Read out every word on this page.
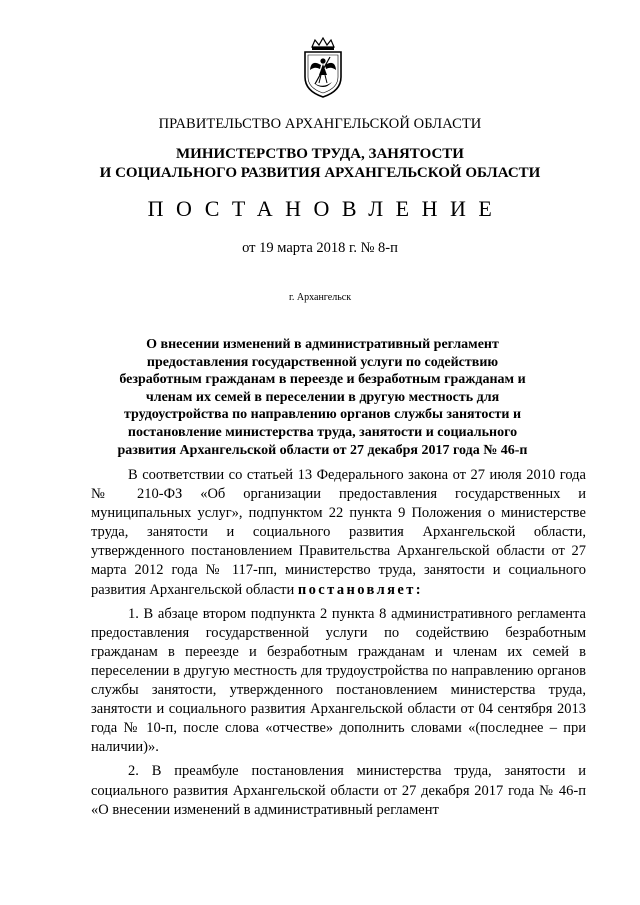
ПРАВИТЕЛЬСТВО АРХАНГЕЛЬСКОЙ ОБЛАСТИ
МИНИСТЕРСТВО ТРУДА, ЗАНЯТОСТИ
И СОЦИАЛЬНОГО РАЗВИТИЯ АРХАНГЕЛЬСКОЙ ОБЛАСТИ
ПОСТАНОВЛЕНИЕ
от 19 марта 2018 г. № 8-п
г. Архангельск
О внесении изменений в административный регламент предоставления государственной услуги по содействию безработным гражданам в переезде и безработным гражданам и членам их семей в переселении в другую местность для трудоустройства по направлению органов службы занятости и постановление министерства труда, занятости и социального развития Архангельской области от 27 декабря 2017 года № 46-п

В соответствии со статьей 13 Федерального закона от 27 июля 2010 года № 210-ФЗ «Об организации предоставления государственных и муниципальных услуг», подпунктом 22 пункта 9 Положения о министерстве труда, занятости и социального развития Архангельской области, утвержденного постановлением Правительства Архангельской области от 27 марта 2012 года № 117-пп, министерство труда, занятости и социального развития Архангельской области постановляет:

1. В абзаце втором подпункта 2 пункта 8 административного регламента предоставления государственной услуги по содействию безработным гражданам в переезде и безработным гражданам и членам их семей в переселении в другую местность для трудоустройства по направлению органов службы занятости, утвержденного постановлением министерства труда, занятости и социального развития Архангельской области от 04 сентября 2013 года № 10-п, после слова «отчестве» дополнить словами «(последнее – при наличии)».

2. В преамбуле постановления министерства труда, занятости и социального развития Архангельской области от 27 декабря 2017 года № 46-п «О внесении изменений в административный регламент
